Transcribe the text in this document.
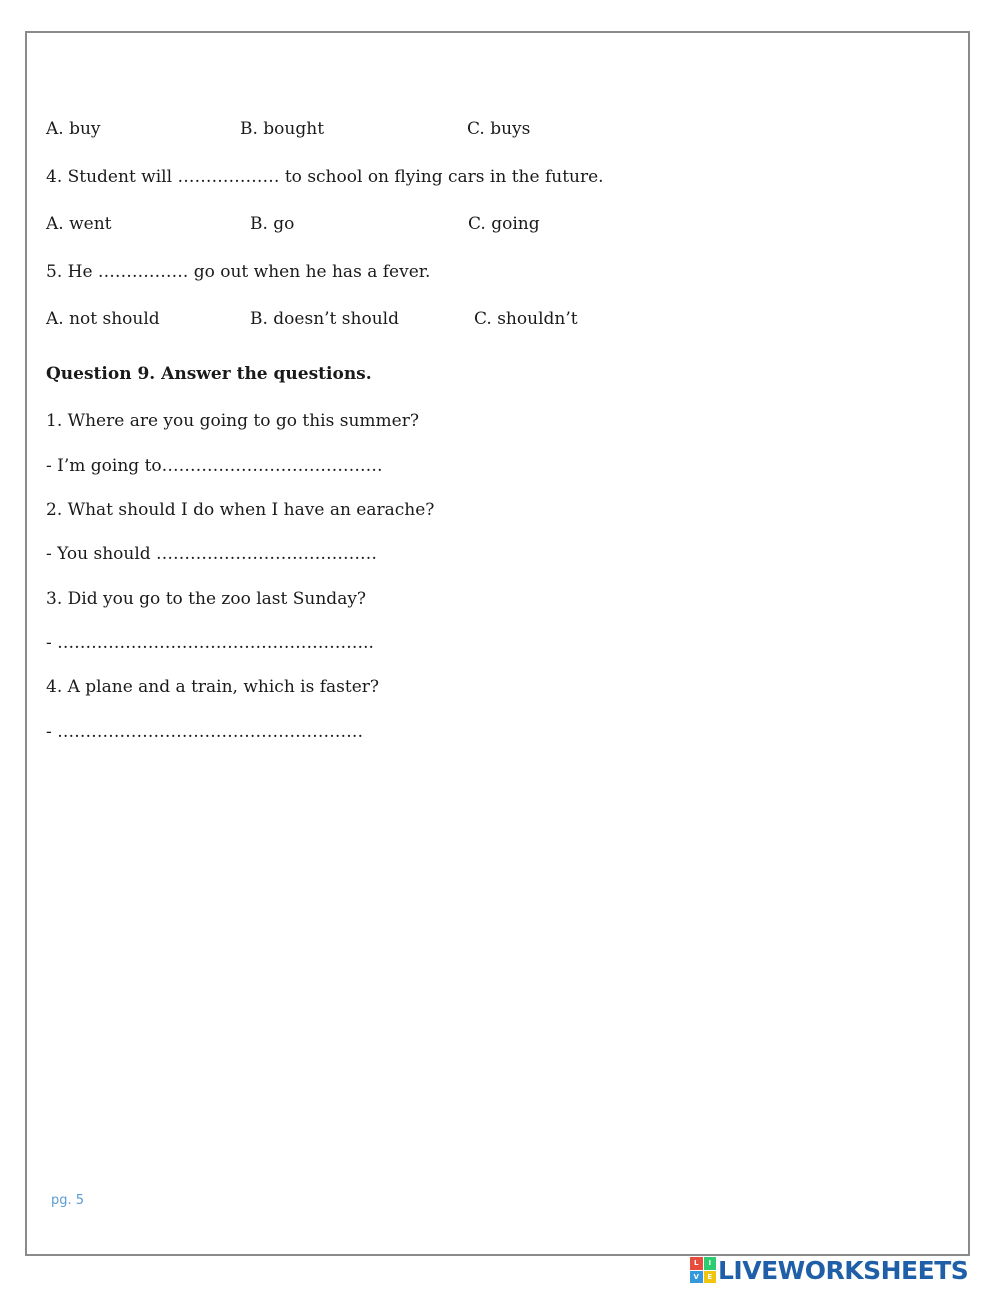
A. buy	B. bought	C. buys
4. Student will ……………… to school on flying cars in the future.
A. went	B. go	C. going
5. He ……………. go out when he has a fever.
A. not should	B. doesn’t should	C. shouldn’t
Question 9. Answer the questions.
1. Where are you going to go this summer?
- I’m going to…………………………………
2. What should I do when I have an earache?
- You should …………………………………
3. Did you go to the zoo last Sunday?
- ………………………………………………..
4. A plane and a train, which is faster?
- ………………………………………………
pg. 5
L	I
V	E LIVEWORKSHEETS
